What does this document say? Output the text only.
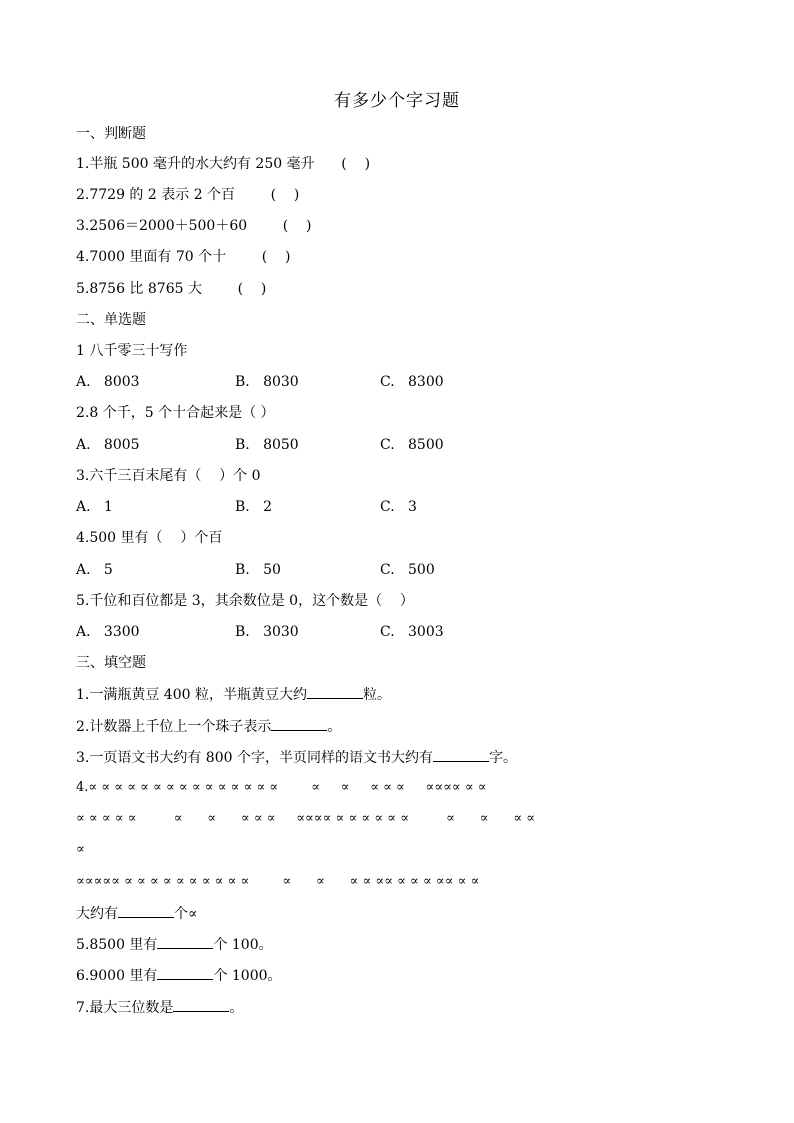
有多少个字习题
一、判断题
1.半瓶 500 毫升的水大约有 250 毫升      (    )
2.7729 的 2 表示 2 个百        (    )
3.2506＝2000＋500＋60        (    )
4.7000 里面有 70 个十        (    )
5.8756 比 8765 大        (    )
二、单选题
1 八千零三十写作
A.   8003	B.   8030	C.   8300
2.8 个千，5 个十合起来是（ ）
A.   8005	B.   8050	C.   8500
3.六千三百末尾有（    ）个 0
A.   1	B.   2	C.   3
4.500 里有（    ）个百
A.   5	B.   50	C.   500
5.千位和百位都是 3，其余数位是 0，这个数是（    ）
A.   3300	B.   3030	C.   3003
三、填空题
1.一满瓶黄豆 400 粒，半瓶黄豆大约	粒。
2.计数器上千位上一个珠子表示	。
3.一页语文书大约有 800 个字，半页同样的语文书大约有	字。
4.∝ ∝ ∝ ∝ ∝ ∝ ∝ ∝ ∝ ∝ ∝ ∝ ∝ ∝ ∝        ∝     ∝     ∝ ∝ ∝     ∝∝∝∝ ∝ ∝
∝ ∝ ∝ ∝ ∝         ∝      ∝      ∝ ∝ ∝     ∝∝∝∝ ∝ ∝ ∝ ∝ ∝ ∝         ∝      ∝      ∝ ∝
∝
∝∝∝∝∝ ∝ ∝ ∝ ∝ ∝ ∝ ∝ ∝ ∝ ∝        ∝      ∝      ∝ ∝ ∝∝ ∝ ∝ ∝ ∝∝ ∝ ∝
大约有	个∝
5.8500 里有	个 100。
6.9000 里有	个 1000。
7.最大三位数是	。
